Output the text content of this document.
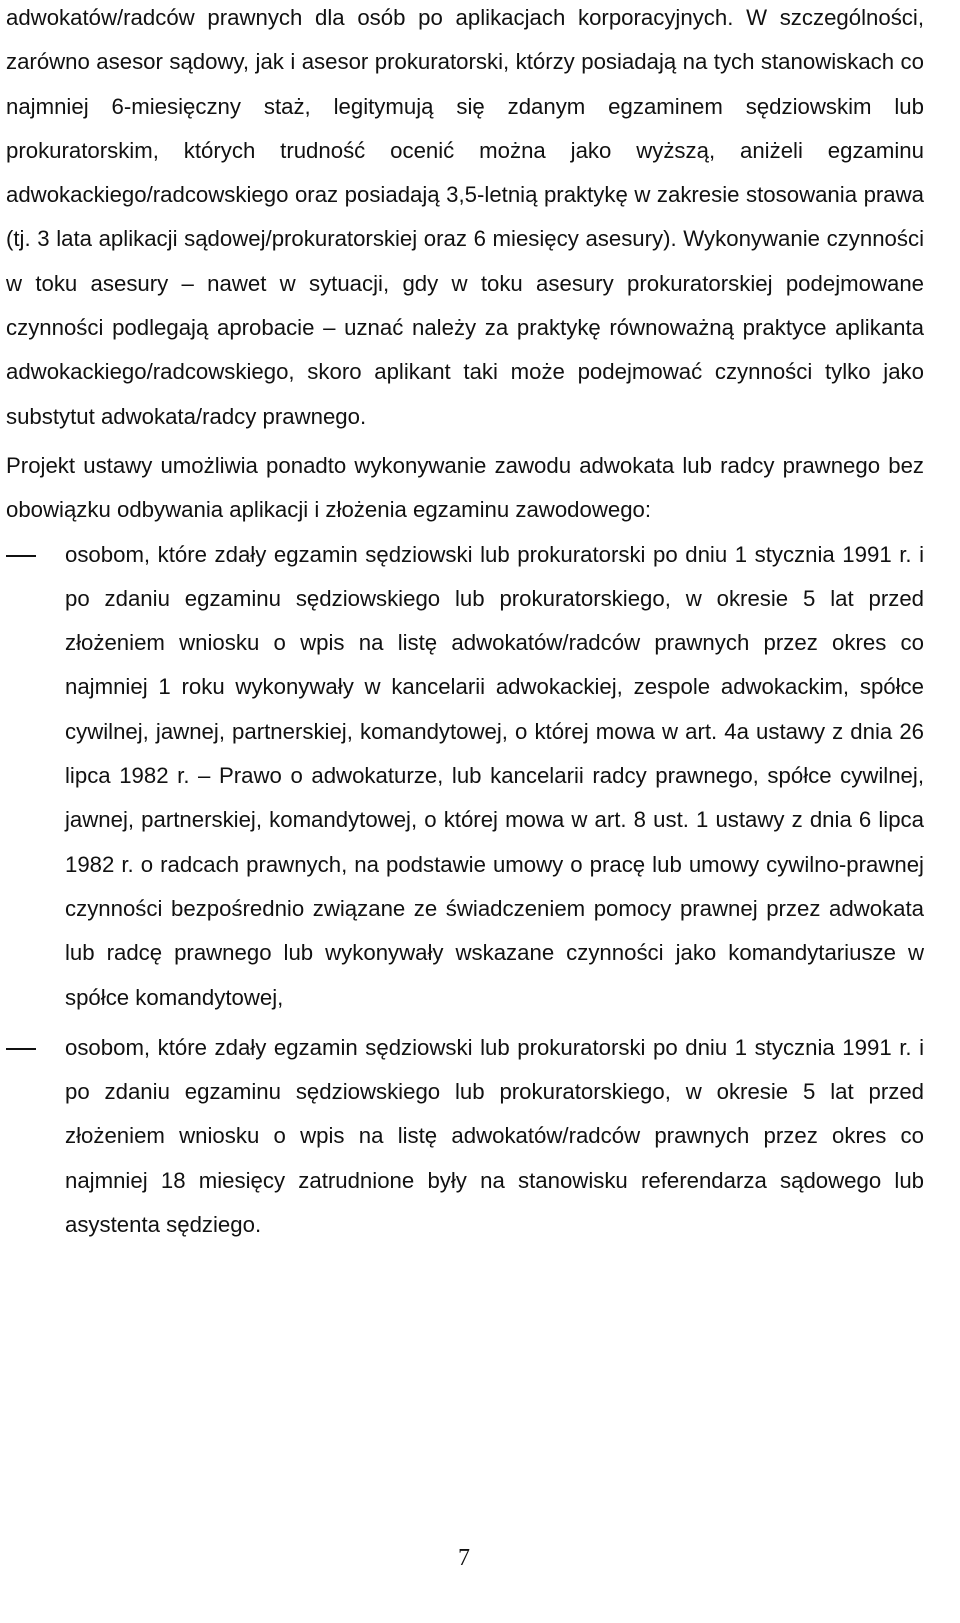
adwokatów/radców prawnych dla osób po aplikacjach korporacyjnych. W szczególności, zarówno asesor sądowy, jak i asesor prokuratorski, którzy posiadają na tych stanowiskach co najmniej 6-miesięczny staż, legitymują się zdanym egzaminem sędziowskim lub prokuratorskim, których trudność ocenić można jako wyższą, aniżeli egzaminu adwokackiego/radcowskiego oraz posiadają 3,5-letnią praktykę w zakresie stosowania prawa (tj. 3 lata aplikacji sądowej/prokuratorskiej oraz 6 miesięcy asesury). Wykonywanie czynności w toku asesury – nawet w sytuacji, gdy w toku asesury prokuratorskiej podejmowane czynności podlegają aprobacie – uznać należy za praktykę równoważną praktyce aplikanta adwokackiego/radcowskiego, skoro aplikant taki może podejmować czynności tylko jako substytut adwokata/radcy prawnego.

Projekt ustawy umożliwia ponadto wykonywanie zawodu adwokata lub radcy prawnego bez obowiązku odbywania aplikacji i złożenia egzaminu zawodowego:

osobom, które zdały egzamin sędziowski lub prokuratorski po dniu 1 stycznia 1991 r. i po zdaniu egzaminu sędziowskiego lub prokuratorskiego, w okresie 5 lat przed złożeniem wniosku o wpis na listę adwokatów/radców prawnych przez okres co najmniej 1 roku wykonywały w kancelarii adwokackiej, zespole adwokackim, spółce cywilnej, jawnej, partnerskiej, komandytowej, o której mowa w art. 4a ustawy z dnia 26 lipca 1982 r. – Prawo o adwokaturze, lub kancelarii radcy prawnego, spółce cywilnej, jawnej, partnerskiej, komandytowej, o której mowa w art. 8 ust. 1 ustawy z dnia 6 lipca 1982 r. o radcach prawnych, na podstawie umowy o pracę lub umowy cywilno-prawnej czynności bezpośrednio związane ze świadczeniem pomocy prawnej przez adwokata lub radcę prawnego lub wykonywały wskazane czynności jako komandytariusze w spółce komandytowej,
osobom, które zdały egzamin sędziowski lub prokuratorski po dniu 1 stycznia 1991 r. i po zdaniu egzaminu sędziowskiego lub prokuratorskiego, w okresie 5 lat przed złożeniem wniosku o wpis na listę adwokatów/radców prawnych przez okres co najmniej 18 miesięcy zatrudnione były na stanowisku referendarza sądowego lub asystenta sędziego.
7
